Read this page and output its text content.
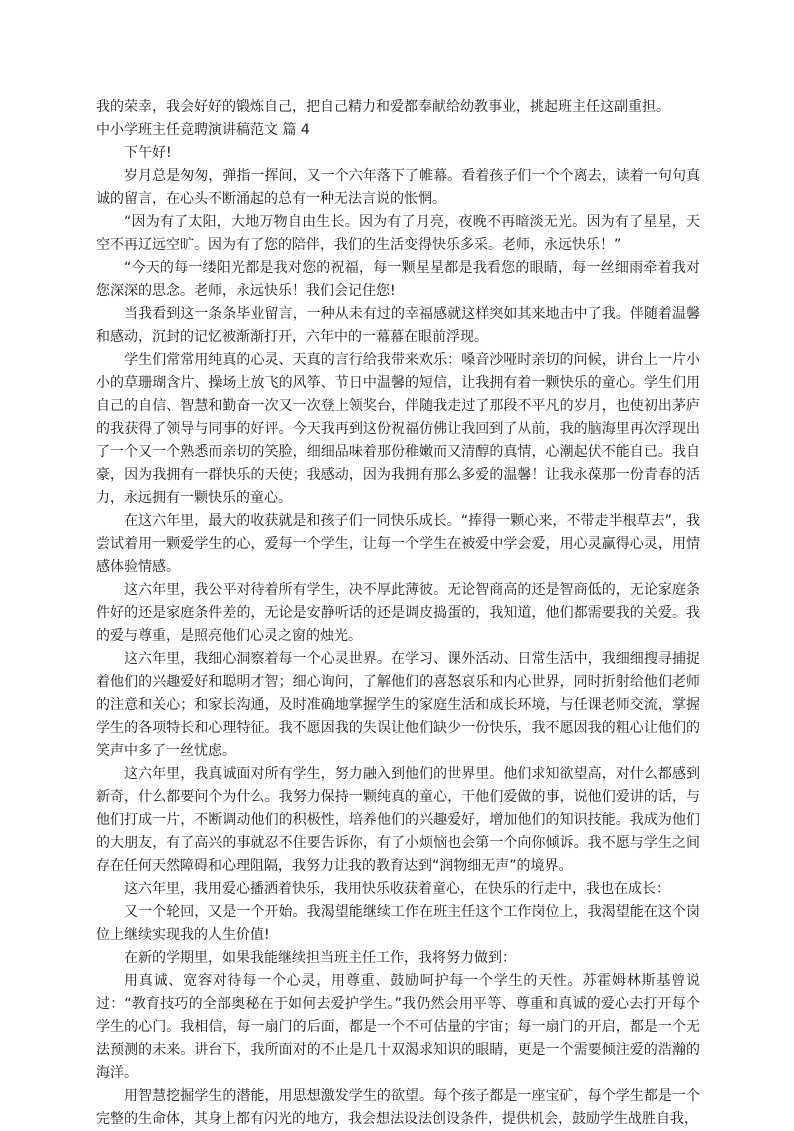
我的荣幸，我会好好的锻炼自己，把自己精力和爱都奉献给幼教事业，挑起班主任这副重担。

中小学班主任竞聘演讲稿范文 篇 4

下午好!

岁月总是匆匆，弹指一挥间，又一个六年落下了帷幕。看着孩子们一个个离去，读着一句句真诚的留言，在心头不断涌起的总有一种无法言说的怅惘。

“因为有了太阳，大地万物自由生长。因为有了月亮，夜晚不再暗淡无光。因为有了星星，天空不再辽远空旷。因为有了您的陪伴，我们的生活变得快乐多采。老师，永远快乐！”

“今天的每一缕阳光都是我对您的祝福，每一颗星星都是我看您的眼睛，每一丝细雨牵着我对您深深的思念。老师，永远快乐！我们会记住您!

当我看到这一条条毕业留言，一种从未有过的幸福感就这样突如其来地击中了我。伴随着温馨和感动，沉封的记忆被渐渐打开，六年中的一幕幕在眼前浮现。

学生们常常用纯真的心灵、天真的言行给我带来欢乐：嗓音沙哑时亲切的问候，讲台上一片小小的草珊瑚含片、操场上放飞的风筝、节日中温馨的短信，让我拥有着一颗快乐的童心。学生们用自己的自信、智慧和勤奋一次又一次登上领奖台，伴随我走过了那段不平凡的岁月，也使初出茅庐的我获得了领导与同事的好评。今天我再到这份祝福仿佛让我回到了从前，我的脑海里再次浮现出了一个又一个熟悉而亲切的笑脸，细细品味着那份稚嫩而又清醇的真情，心潮起伏不能自已。我自豪，因为我拥有一群快乐的天使；我感动，因为我拥有那么多爱的温馨！让我永葆那一份青春的活力，永远拥有一颗快乐的童心。

在这六年里，最大的收获就是和孩子们一同快乐成长。“捧得一颗心来，不带走半根草去”，我尝试着用一颗爱学生的心，爱每一个学生，让每一个学生在被爱中学会爱，用心灵赢得心灵，用情感体验情感。

这六年里，我公平对待着所有学生，决不厚此薄彼。无论智商高的还是智商低的，无论家庭条件好的还是家庭条件差的，无论是安静听话的还是调皮捣蛋的，我知道，他们都需要我的关爱。我的爱与尊重，是照亮他们心灵之窗的烛光。

这六年里，我细心洞察着每一个心灵世界。在学习、课外活动、日常生活中，我细细搜寻捕捉着他们的兴趣爱好和聪明才智；细心询问，了解他们的喜怒哀乐和内心世界，同时折射给他们老师的注意和关心；和家长沟通，及时准确地掌握学生的家庭生活和成长环境，与任课老师交流，掌握学生的各项特长和心理特征。我不愿因我的失误让他们缺少一份快乐，我不愿因我的粗心让他们的笑声中多了一丝忧虑。

这六年里，我真诚面对所有学生，努力融入到他们的世界里。他们求知欲望高，对什么都感到新奇，什么都要问个为什么。我努力保持一颗纯真的童心，干他们爱做的事，说他们爱讲的话，与他们打成一片，不断调动他们的积极性，培养他们的兴趣爱好，增加他们的知识技能。我成为他们的大朋友，有了高兴的事就忍不住要告诉你，有了小烦恼也会第一个向你倾诉。我不愿与学生之间存在任何天然障碍和心理阻隔，我努力让我的教育达到“润物细无声”的境界。

这六年里，我用爱心播洒着快乐，我用快乐收获着童心，在快乐的行走中，我也在成长：

又一个轮回，又是一个开始。我渴望能继续工作在班主任这个工作岗位上，我渴望能在这个岗位上继续实现我的人生价值!

在新的学期里，如果我能继续担当班主任工作，我将努力做到：

用真诚、宽容对待每一个心灵，用尊重、鼓励呵护每一个学生的天性。苏霍姆林斯基曾说过：“教育技巧的全部奥秘在于如何去爱护学生。”我仍然会用平等、尊重和真诚的爱心去打开每个学生的心门。我相信，每一扇门的后面，都是一个不可估量的宇宙；每一扇门的开启，都是一个无法预测的未来。讲台下，我所面对的不止是几十双渴求知识的眼睛，更是一个需要倾注爱的浩瀚的海洋。

用智慧挖掘学生的潜能，用思想激发学生的欲望。每个孩子都是一座宝矿，每个学生都是一个完整的生命体，其身上都有闪光的地方，我会想法设法创设条件，提供机会，鼓励学生战胜自我，
